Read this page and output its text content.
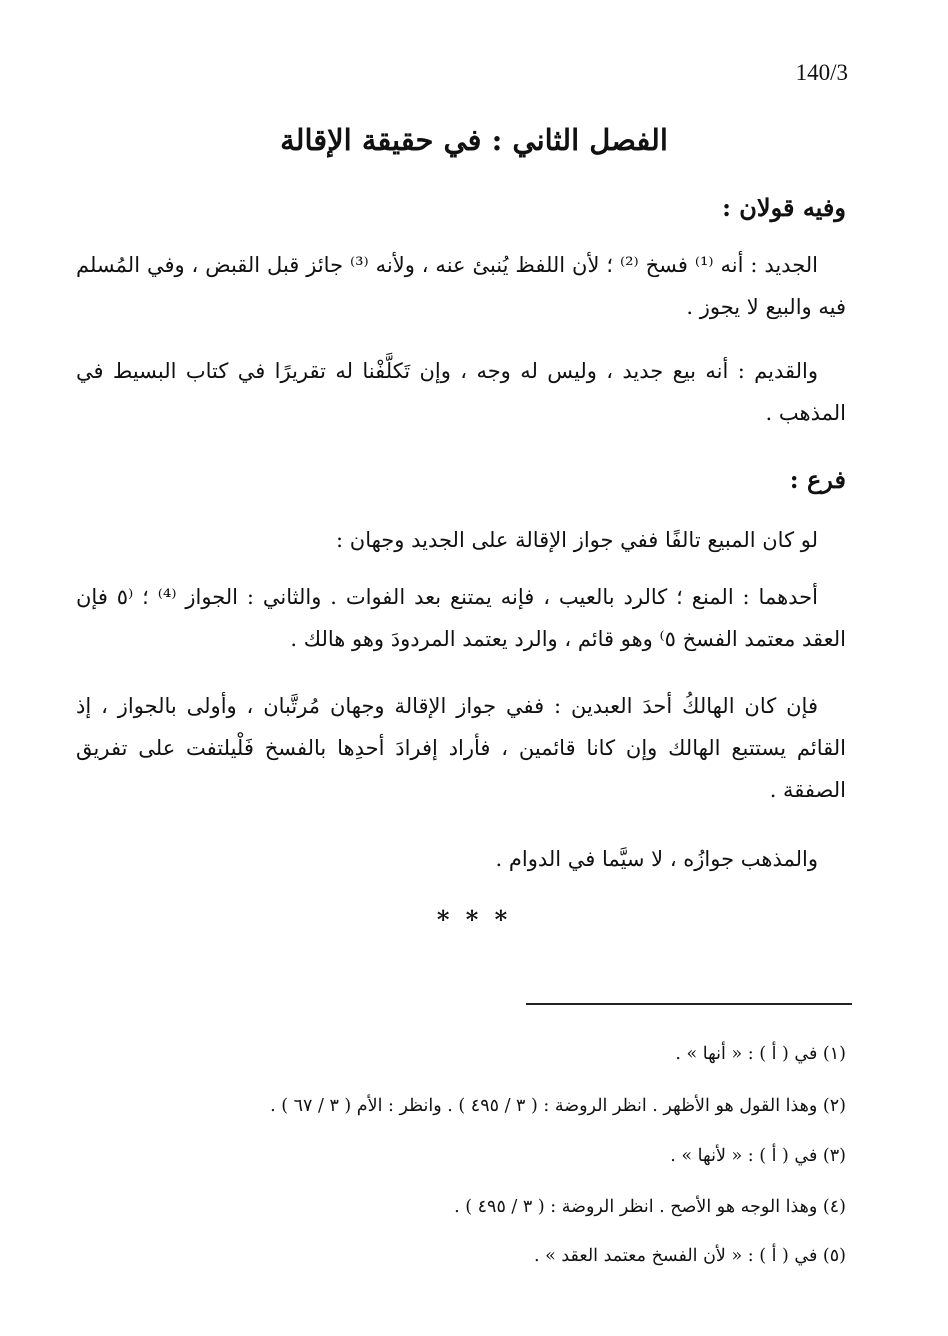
140/3
الفصل الثاني : في حقيقة الإقالة
وفيه قولان :
الجديد : أنه ⁽¹⁾ فسخ ⁽²⁾ ؛ لأن اللفظ يُنبئ عنه ، ولأنه ⁽³⁾ جائز قبل القبض ، وفي المُسلم فيه والبيع لا يجوز .
والقديم : أنه بيع جديد ، وليس له وجه ، وإن تَكلَّفْنا له تقريرًا في كتاب البسيط في المذهب .
فرع :
لو كان المبيع تالفًا ففي جواز الإقالة على الجديد وجهان :
أحدهما : المنع ؛ كالرد بالعيب ، فإنه يمتنع بعد الفوات . والثاني : الجواز ⁽⁴⁾ ؛ ⁽٥ فإن العقد معتمد الفسخ ٥⁾ وهو قائم ، والرد يعتمد المردودَ وهو هالك .
فإن كان الهالكُ أحدَ العبدين : ففي جواز الإقالة وجهان مُرتَّبان ، وأولى بالجواز ، إذ القائم يستتبع الهالك وإن كانا قائمين ، فأراد إفرادَ أحدِها بالفسخ فَلْيلتفت على تفريق الصفقة .
والمذهب جوازُه ، لا سيَّما في الدوام .
* * *
(١) في ( أ ) : « أنها » .
(٢) وهذا القول هو الأظهر . انظر الروضة : ( ٣ / ٤٩٥ ) . وانظر : الأم ( ٣ / ٦٧ ) .
(٣) في ( أ ) : « لأنها » .
(٤) وهذا الوجه هو الأصح . انظر الروضة : ( ٣ / ٤٩٥ ) .
(٥) في ( أ ) : « لأن الفسخ معتمد العقد » .
